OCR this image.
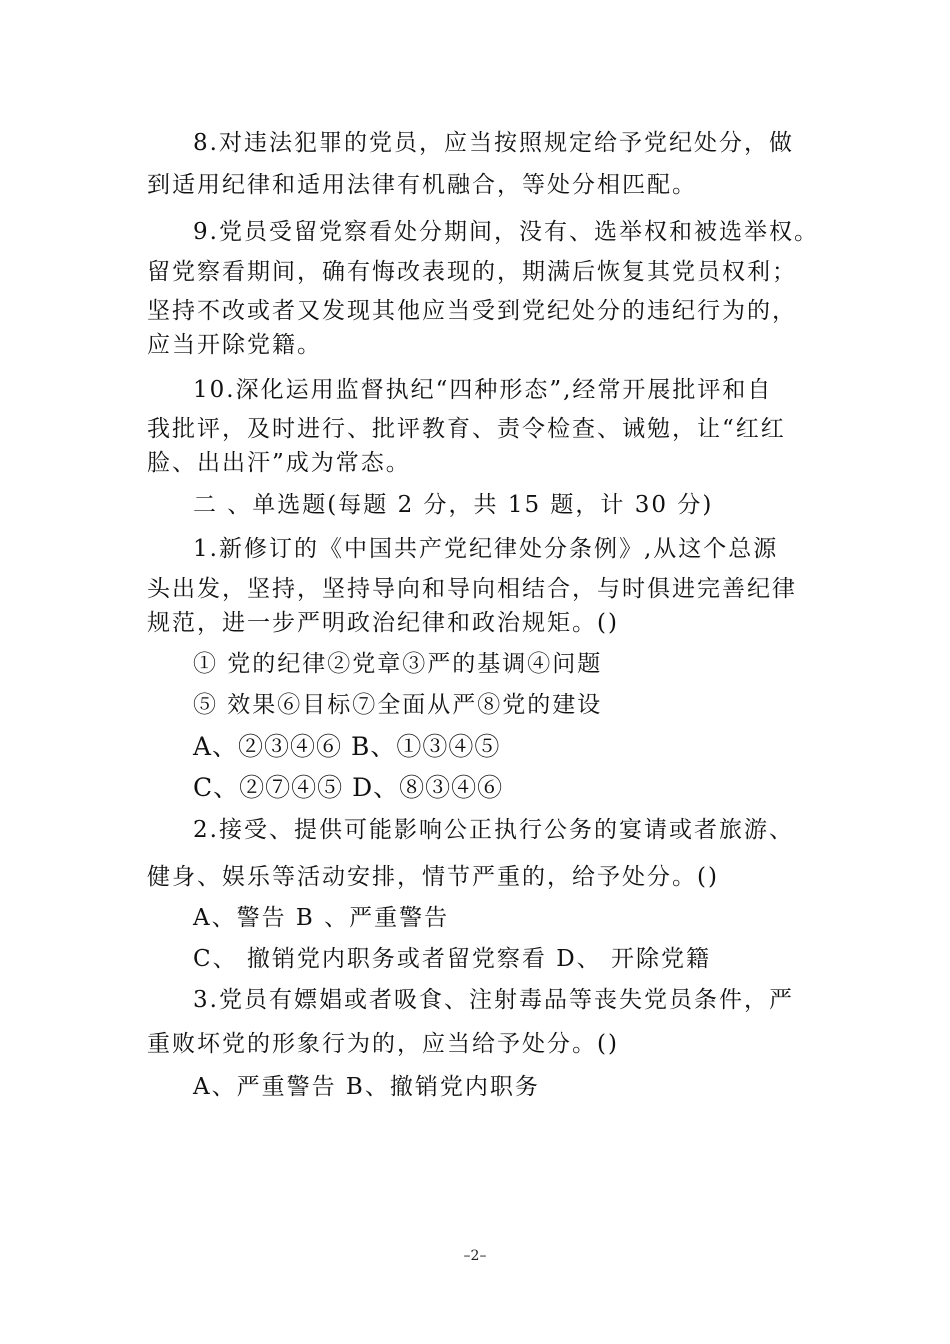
8.对违法犯罪的党员，应当按照规定给予党纪处分，做
到适用纪律和适用法律有机融合，等处分相匹配。
9.党员受留党察看处分期间，没有、选举权和被选举权。
留党察看期间，确有悔改表现的，期满后恢复其党员权利；
坚持不改或者又发现其他应当受到党纪处分的违纪行为的，
应当开除党籍。
10.深化运用监督执纪“四种形态”,经常开展批评和自
我批评，及时进行、批评教育、责令检查、诫勉，让“红红
脸、出出汗”成为常态。
二 、单选题(每题 2 分，共 15 题，计 30 分)
1.新修订的《中国共产党纪律处分条例》,从这个总源
头出发，坚持，坚持导向和导向相结合，与时俱进完善纪律
规范，进一步严明政治纪律和政治规矩。()
① 党的纪律②党章③严的基调④问题
⑤ 效果⑥目标⑦全面从严⑧党的建设
A、②③④⑥ B、①③④⑤
C、②⑦④⑤ D、⑧③④⑥
2.接受、提供可能影响公正执行公务的宴请或者旅游、
健身、娱乐等活动安排，情节严重的，给予处分。()
A、警告 B 、严重警告
C、 撤销党内职务或者留党察看 D、 开除党籍
3.党员有嫖娼或者吸食、注射毒品等丧失党员条件，严
重败坏党的形象行为的，应当给予处分。()
A、严重警告 B、撤销党内职务
–2–
